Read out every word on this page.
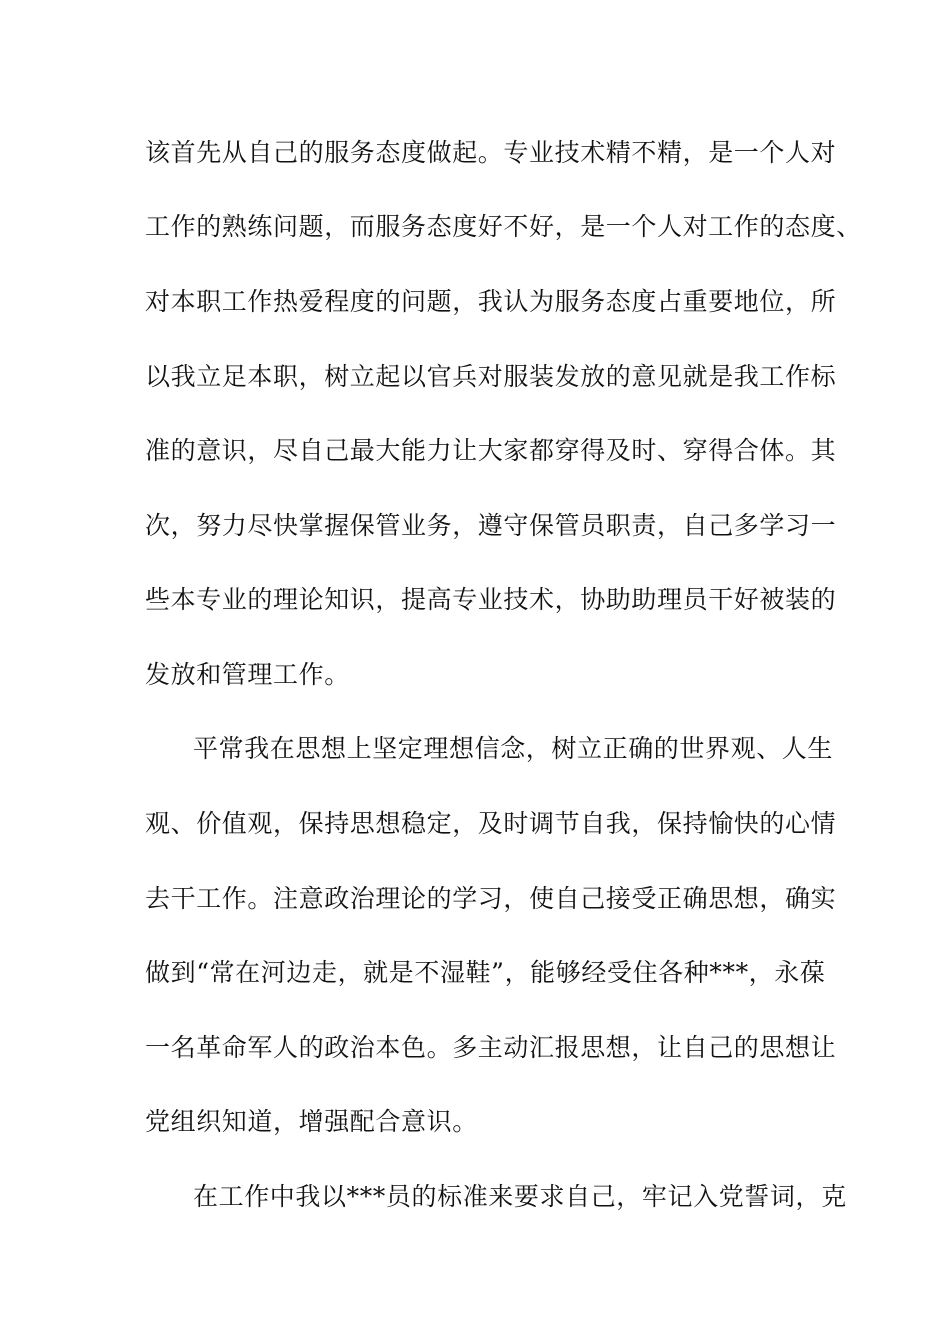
该首先从自己的服务态度做起。专业技术精不精，是一个人对
工作的熟练问题，而服务态度好不好，是一个人对工作的态度、
对本职工作热爱程度的问题，我认为服务态度占重要地位，所
以我立足本职，树立起以官兵对服装发放的意见就是我工作标
准的意识，尽自己最大能力让大家都穿得及时、穿得合体。其
次，努力尽快掌握保管业务，遵守保管员职责，自己多学习一
些本专业的理论知识，提高专业技术，协助助理员干好被装的
发放和管理工作。
平常我在思想上坚定理想信念，树立正确的世界观、人生
观、价值观，保持思想稳定，及时调节自我，保持愉快的心情
去干工作。注意政治理论的学习，使自己接受正确思想，确实
做到“常在河边走，就是不湿鞋”，能够经受住各种***，永葆
一名革命军人的政治本色。多主动汇报思想，让自己的思想让
党组织知道，增强配合意识。
在工作中我以***员的标准来要求自己，牢记入党誓词，克
